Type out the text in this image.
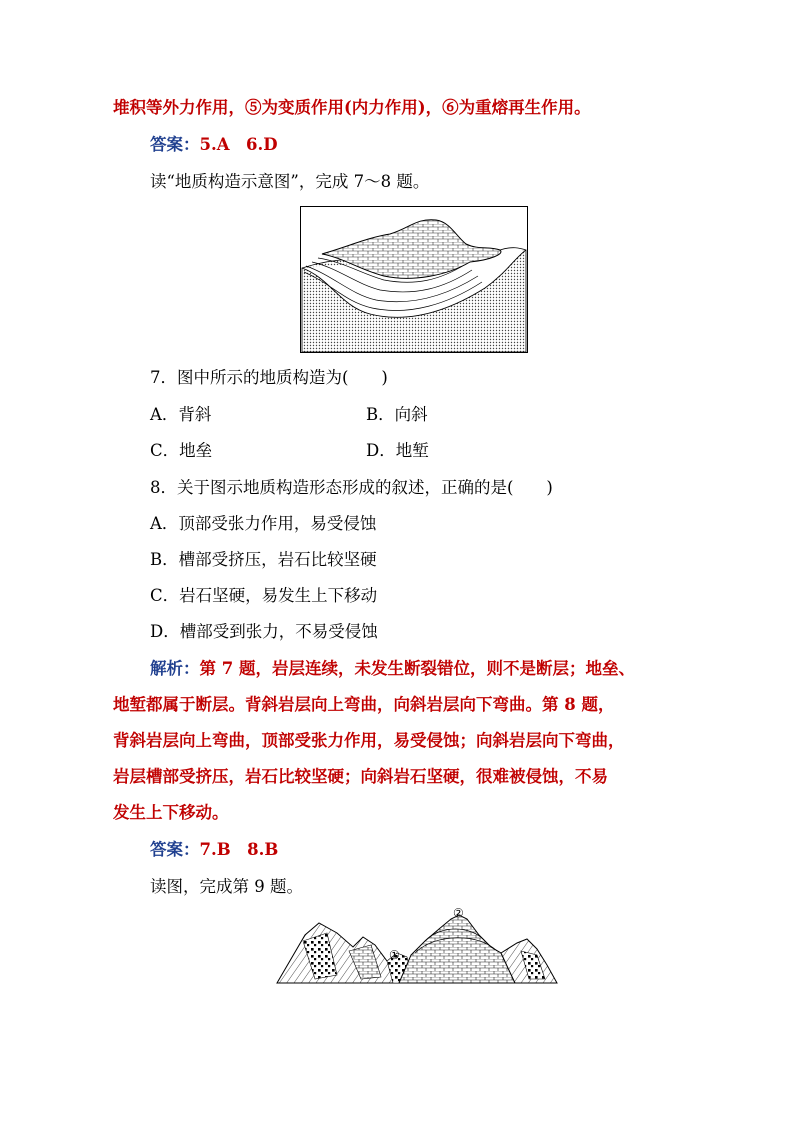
堆积等外力作用，⑤为变质作用(内力作用)，⑥为重熔再生作用。
答案：5.A　6.D
读“地质构造示意图”，完成 7～8 题。
7．图中所示的地质构造为(　　)
A．背斜	B．向斜
C．地垒	D．地堑
8．关于图示地质构造形态形成的叙述，正确的是(　　)
A．顶部受张力作用，易受侵蚀
B．槽部受挤压，岩石比较坚硬
C．岩石坚硬，易发生上下移动
D．槽部受到张力，不易受侵蚀
解析：第 7 题，岩层连续，未发生断裂错位，则不是断层；地垒、
地堑都属于断层。背斜岩层向上弯曲，向斜岩层向下弯曲。第 8 题，
背斜岩层向上弯曲，顶部受张力作用，易受侵蚀；向斜岩层向下弯曲，
岩层槽部受挤压，岩石比较坚硬；向斜岩石坚硬，很难被侵蚀，不易
发生上下移动。
答案：7.B　8.B
读图，完成第 9 题。
①
②
